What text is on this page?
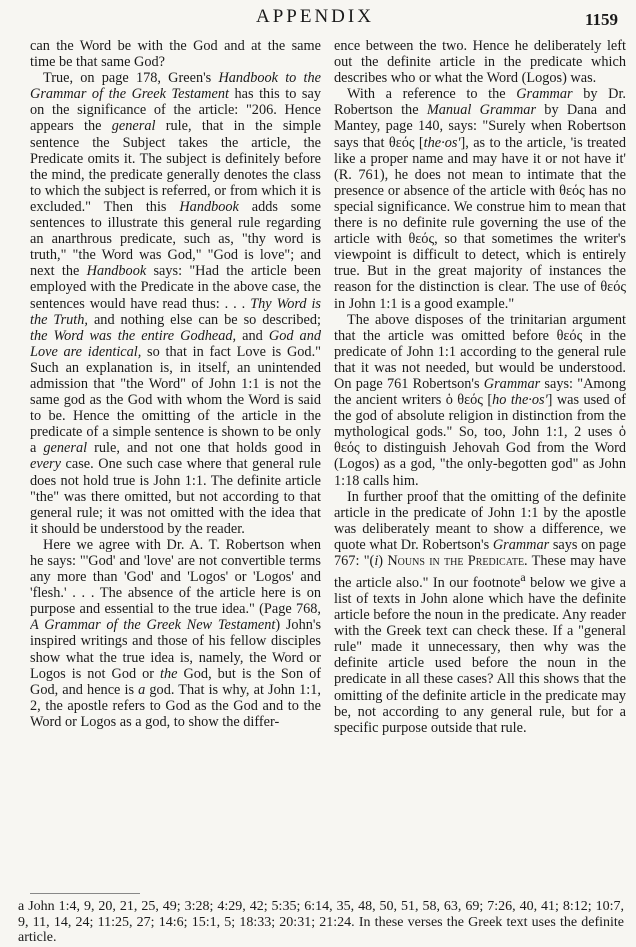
APPENDIX	1159

can the Word be with the God and at the same time be that same God?

True, on page 178, Green's Handbook to the Grammar of the Greek Testament has this to say on the significance of the article: "206. Hence appears the general rule, that in the simple sentence the Subject takes the article, the Predicate omits it. The subject is definitely before the mind, the predicate generally denotes the class to which the subject is referred, or from which it is excluded." Then this Handbook adds some sentences to illustrate this general rule regarding an anarthrous predicate, such as, "thy word is truth," "the Word was God," "God is love"; and next the Handbook says: "Had the article been employed with the Predicate in the above case, the sentences would have read thus: . . . Thy Word is the Truth, and nothing else can be so described; the Word was the entire Godhead, and God and Love are identical, so that in fact Love is God." Such an explanation is, in itself, an unintended admission that "the Word" of John 1:1 is not the same god as the God with whom the Word is said to be. Hence the omitting of the article in the predicate of a simple sentence is shown to be only a general rule, and not one that holds good in every case. One such case where that general rule does not hold true is John 1:1. The definite article "the" was there omitted, but not according to that general rule; it was not omitted with the idea that it should be understood by the reader.

Here we agree with Dr. A. T. Robertson when he says: "'God' and 'love' are not convertible terms any more than 'God' and 'Logos' or 'Logos' and 'flesh.' . . . The absence of the article here is on purpose and essential to the true idea." (Page 768, A Grammar of the Greek New Testament) John's inspired writings and those of his fellow disciples show what the true idea is, namely, the Word or Logos is not God or the God, but is the Son of God, and hence is a god. That is why, at John 1:1, 2, the apostle refers to God as the God and to the Word or Logos as a god, to show the differ-

ence between the two. Hence he deliberately left out the definite article in the predicate which describes who or what the Word (Logos) was.

With a reference to the Grammar by Dr. Robertson the Manual Grammar by Dana and Mantey, page 140, says: "Surely when Robertson says that θεός [the·os'], as to the article, 'is treated like a proper name and may have it or not have it' (R. 761), he does not mean to intimate that the presence or absence of the article with θεός has no special significance. We construe him to mean that there is no definite rule governing the use of the article with θεός, so that sometimes the writer's viewpoint is difficult to detect, which is entirely true. But in the great majority of instances the reason for the distinction is clear. The use of θεός in John 1:1 is a good example."

The above disposes of the trinitarian argument that the article was omitted before θεός in the predicate of John 1:1 according to the general rule that it was not needed, but would be understood. On page 761 Robertson's Grammar says: "Among the ancient writers ὁ θεός [ho the·os'] was used of the god of absolute religion in distinction from the mythological gods." So, too, John 1:1, 2 uses ὁ θεός to distinguish Jehovah God from the Word (Logos) as a god, "the only-begotten god" as John 1:18 calls him.

In further proof that the omitting of the definite article in the predicate of John 1:1 by the apostle was deliberately meant to show a difference, we quote what Dr. Robertson's Grammar says on page 767: "(i) Nouns in the Predicate. These may have the article also." In our footnote$^a$ below we give a list of texts in John alone which have the definite article before the noun in the predicate. Any reader with the Greek text can check these. If a "general rule" made it unnecessary, then why was the definite article used before the noun in the predicate in all these cases? All this shows that the omitting of the definite article in the predicate may be, not according to any general rule, but for a specific purpose outside that rule.

a John 1:4, 9, 20, 21, 25, 49; 3:28; 4:29, 42; 5:35; 6:14, 35, 48, 50, 51, 58, 63, 69; 7:26, 40, 41; 8:12; 10:7, 9, 11, 14, 24; 11:25, 27; 14:6; 15:1, 5; 18:33; 20:31; 21:24. In these verses the Greek text uses the definite article.
